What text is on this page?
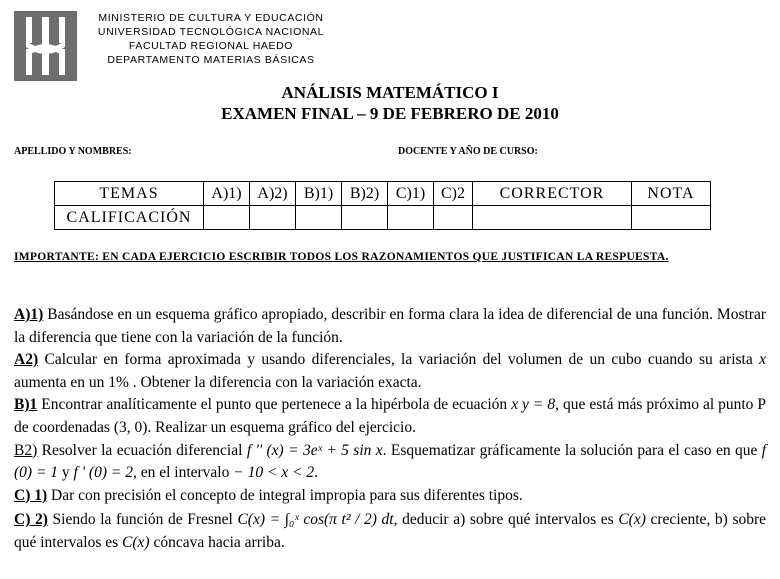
MINISTERIO DE CULTURA Y EDUCACIÓN
UNIVERSIDAD TECNOLÓGICA NACIONAL
FACULTAD REGIONAL HAEDO
DEPARTAMENTO MATERIAS BÁSICAS
ANÁLISIS MATEMÁTICO I
EXAMEN FINAL – 9 DE FEBRERO DE 2010
APELLIDO Y NOMBRES:	DOCENTE Y AÑO DE CURSO:
TEMAS	A)1)	A)2)	B)1)	B)2)	C)1)	C)2	CORRECTOR	NOTA
CALIFICACIÓN								
IMPORTANTE: EN CADA EJERCICIO ESCRIBIR TODOS LOS RAZONAMIENTOS QUE JUSTIFICAN LA RESPUESTA.
A)1) Basándose en un esquema gráfico apropiado, describir en forma clara la idea de diferencial de una función. Mostrar la diferencia que tiene con la variación de la función.
A2) Calcular en forma aproximada y usando diferenciales, la variación del volumen de un cubo cuando su arista x aumenta en un 1% . Obtener la diferencia con la variación exacta.
B)1 Encontrar analíticamente el punto que pertenece a la hipérbola de ecuación x y = 8, que está más próximo al punto P de coordenadas (3, 0). Realizar un esquema gráfico del ejercicio.
B2) Resolver la ecuación diferencial f '' (x) = 3eˣ + 5 sin x. Esquematizar gráficamente la solución para el caso en que f (0) = 1 y f ' (0) = 2, en el intervalo − 10 < x < 2.
C) 1) Dar con precisión el concepto de integral impropia para sus diferentes tipos.
C) 2) Siendo la función de Fresnel C(x) = ∫₀ˣ cos(π t² / 2) dt, deducir a) sobre qué intervalos es C(x) creciente, b) sobre qué intervalos es C(x) cóncava hacia arriba.
